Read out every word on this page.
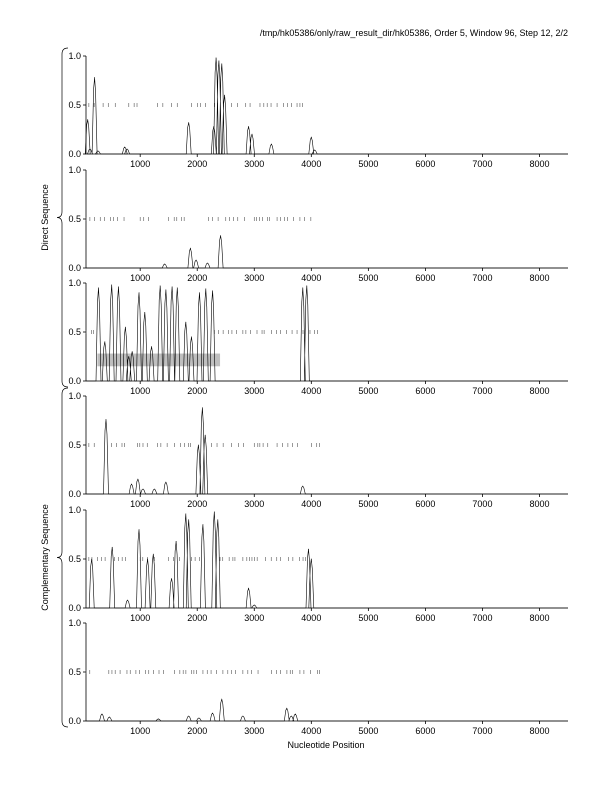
/tmp/hk05386/only/raw_result_dir/hk05386, Order 5, Window 96, Step 12, 2/2
0.0
0.5
1.0
1000	2000	3000	4000	5000	6000	7000	8000
0.0
0.5
1.0
1000	2000	3000	4000	5000	6000	7000	8000
0.0
0.5
1.0
1000	2000	3000	4000	5000	6000	7000	8000
0.0
0.5
1.0
1000	2000	3000	4000	5000	6000	7000	8000
0.0
0.5
1.0
1000	2000	3000	4000	5000	6000	7000	8000
0.0
0.5
1.0
1000	2000	3000	4000	5000	6000	7000	8000
Direct Sequence
Complementary Sequence
Nucleotide Position
